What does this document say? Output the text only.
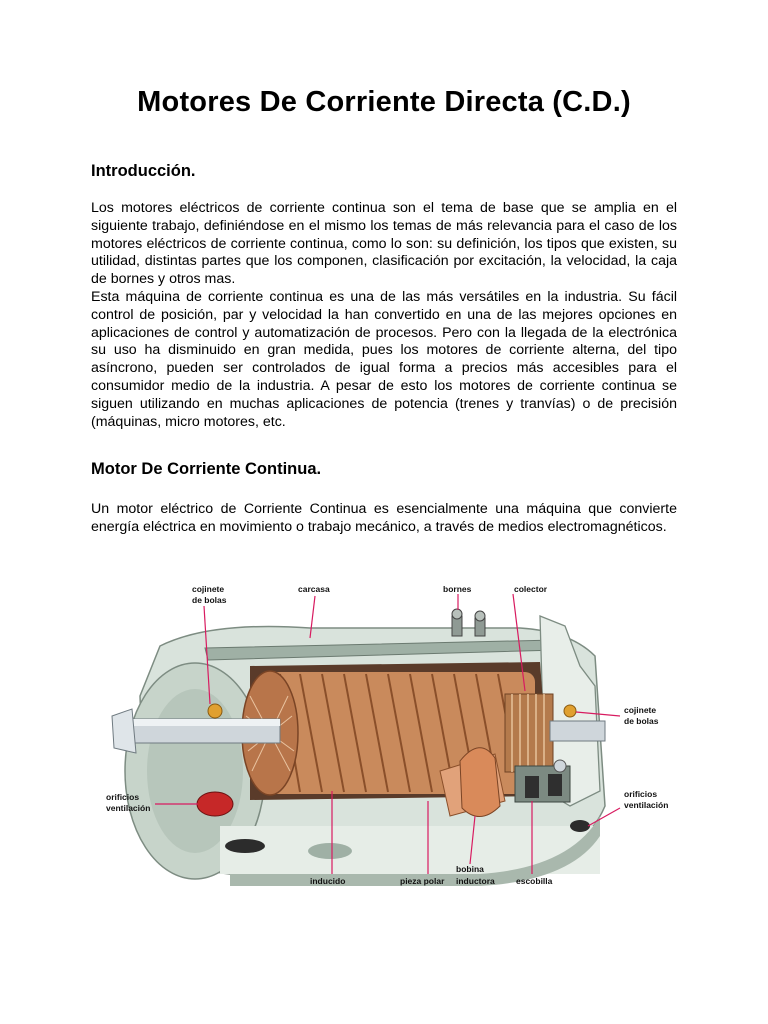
Motores De Corriente Directa (C.D.)
Introducción.

Los motores eléctricos de corriente continua son el tema de base que se amplia en el siguiente trabajo, definiéndose en el mismo los temas de más relevancia para el caso de los motores eléctricos de corriente continua, como lo son: su definición, los tipos que existen, su utilidad, distintas partes que los componen, clasificación por excitación, la velocidad, la caja de bornes y otros mas.

Esta máquina de corriente continua es una de las más versátiles en la industria. Su fácil control de posición, par y velocidad la han convertido en una de las mejores opciones en aplicaciones de control y automatización de procesos. Pero con la llegada de la electrónica su uso ha disminuido en gran medida, pues los motores de corriente alterna, del tipo asíncrono, pueden ser controlados de igual forma a precios más accesibles para el consumidor medio de la industria. A pesar de esto los motores de corriente continua se siguen utilizando en muchas aplicaciones de potencia (trenes y tranvías) o de precisión (máquinas, micro motores, etc.

Motor De Corriente Continua.

Un motor eléctrico de Corriente Continua es esencialmente una máquina que convierte energía eléctrica en movimiento o trabajo mecánico, a través de medios electromagnéticos.

cojinete
de bolas
carcasa	bornes	colector
cojinete
de bolas
orificios
ventilación
orificios
ventilación
inducido	pieza polar
bobina
inductora	escobilla
